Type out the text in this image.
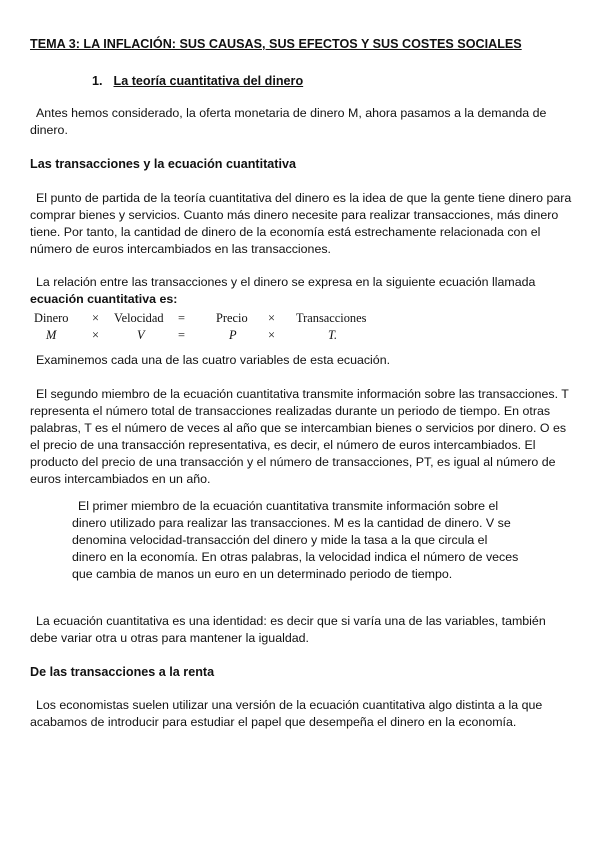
TEMA 3: LA INFLACIÓN: SUS CAUSAS, SUS EFECTOS Y SUS COSTES SOCIALES
1. La teoría cuantitativa del dinero

Antes hemos considerado, la oferta monetaria de dinero M, ahora pasamos a la demanda de dinero.

Las transacciones y la ecuación cuantitativa

El punto de partida de la teoría cuantitativa del dinero es la idea de que la gente tiene dinero para comprar bienes y servicios. Cuanto más dinero necesite para realizar transacciones, más dinero tiene. Por tanto, la cantidad de dinero de la economía está estrechamente relacionada con el número de euros intercambiados en las transacciones.

La relación entre las transacciones y el dinero se expresa en la siguiente ecuación llamada ecuación cuantitativa es:

Dinero × Velocidad =	Precio × Transacciones
M	×	V	=	P	×	T.

Examinemos cada una de las cuatro variables de esta ecuación.

El segundo miembro de la ecuación cuantitativa transmite información sobre las transacciones. T representa el número total de transacciones realizadas durante un periodo de tiempo. En otras palabras, T es el número de veces al año que se intercambian bienes o servicios por dinero. O es el precio de una transacción representativa, es decir, el número de euros intercambiados. El producto del precio de una transacción y el número de transacciones, PT, es igual al número de euros intercambiados en un año.

El primer miembro de la ecuación cuantitativa transmite información sobre el dinero utilizado para realizar las transacciones. M es la cantidad de dinero. V se denomina velocidad-transacción del dinero y mide la tasa a la que circula el dinero en la economía. En otras palabras, la velocidad indica el número de veces que cambia de manos un euro en un determinado periodo de tiempo.

La ecuación cuantitativa es una identidad: es decir que si varía una de las variables, también debe variar otra u otras para mantener la igualdad.

De las transacciones a la renta

Los economistas suelen utilizar una versión de la ecuación cuantitativa algo distinta a la que acabamos de introducir para estudiar el papel que desempeña el dinero en la economía.
